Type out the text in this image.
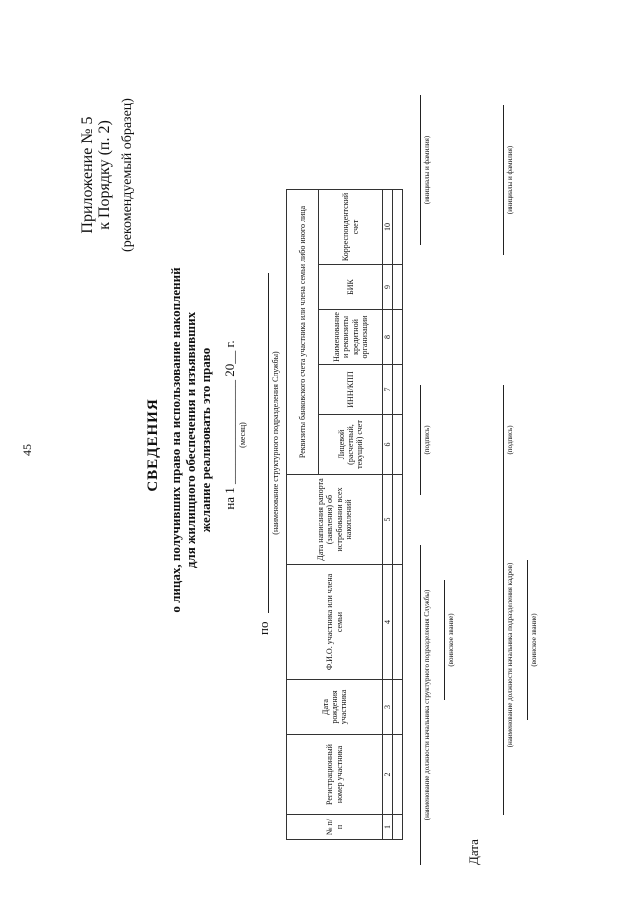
45
Приложение № 5 к Порядку (п. 2) (рекомендуемый образец)
СВЕДЕНИЯ о лицах, получивших право на использование накоплений для жилищного обеспечения и изъявивших желание реализовать это право на 1 ________________ 20__ г. (месяц)
по
(наименование структурного подразделения Службы)
№ п/п	Регистрационный номер участника	Дата рождения участника	Ф.И.О. участника или члена семьи	Дата написания рапорта (заявления) об истребовании всех накоплений	Реквизиты банковского счета участника или члена семьи либо иного лица				
					Лицевой (расчетный, текущий) счет	ИНН/КПП	Наименование и реквизиты кредитной организации	БИК	Корреспондентский счет
1	2	3	4	5	6	7	8	9	10

(наименование должности начальника структурного подразделения Службы) (воинское звание)
(подпись)
(инициалы и фамилия)
Дата
(наименование должности начальника подразделения кадров) (воинское звание)
(подпись)
(инициалы и фамилия)
